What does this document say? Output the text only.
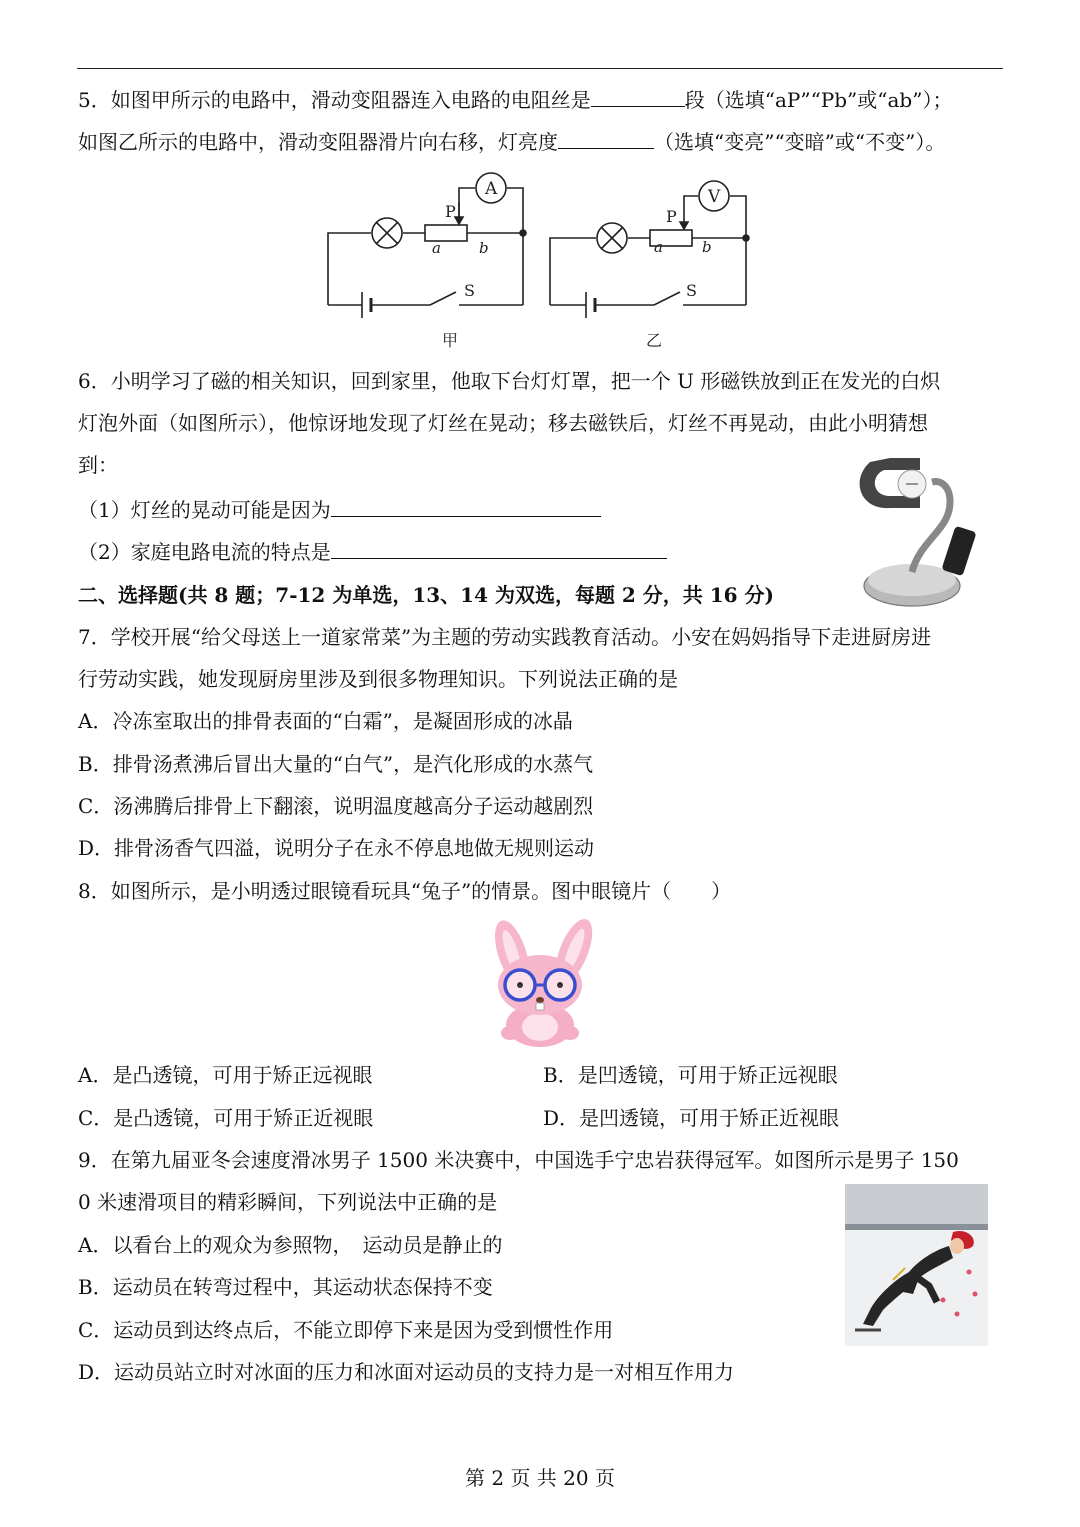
5．如图甲所示的电路中，滑动变阻器连入电路的电阻丝是	段（选填“aP”“Pb”或“ab”）；
如图乙所示的电路中，滑动变阻器滑片向右移，灯亮度	（选填“变亮”“变暗”或“不变”）。
A
P
a	b
S
甲
V
P
a	b
S
乙
6．小明学习了磁的相关知识，回到家里，他取下台灯灯罩，把一个 U 形磁铁放到正在发光的白炽
灯泡外面（如图所示），他惊讶地发现了灯丝在晃动；移去磁铁后，灯丝不再晃动，由此小明猜想
到：
（1）灯丝的晃动可能是因为
（2）家庭电路电流的特点是
二、选择题(共 8 题；7-12 为单选，13、14 为双选，每题 2 分，共 16 分)
7．学校开展“给父母送上一道家常菜”为主题的劳动实践教育活动。小安在妈妈指导下走进厨房进
行劳动实践，她发现厨房里涉及到很多物理知识。下列说法正确的是
A．冷冻室取出的排骨表面的“白霜”，是凝固形成的冰晶
B．排骨汤煮沸后冒出大量的“白气”，是汽化形成的水蒸气
C．汤沸腾后排骨上下翻滚，说明温度越高分子运动越剧烈
D．排骨汤香气四溢，说明分子在永不停息地做无规则运动
8．如图所示，是小明透过眼镜看玩具“兔子”的情景。图中眼镜片（　　）
A．是凸透镜，可用于矫正远视眼	B．是凹透镜，可用于矫正远视眼
C．是凸透镜，可用于矫正近视眼	D．是凹透镜，可用于矫正近视眼
9．在第九届亚冬会速度滑冰男子 1500 米决赛中，中国选手宁忠岩获得冠军。如图所示是男子 150
0 米速滑项目的精彩瞬间，下列说法中正确的是
A．以看台上的观众为参照物，　运动员是静止的
B．运动员在转弯过程中，其运动状态保持不变
C．运动员到达终点后，不能立即停下来是因为受到惯性作用
D．运动员站立时对冰面的压力和冰面对运动员的支持力是一对相互作用力
第 2 页 共 20 页
